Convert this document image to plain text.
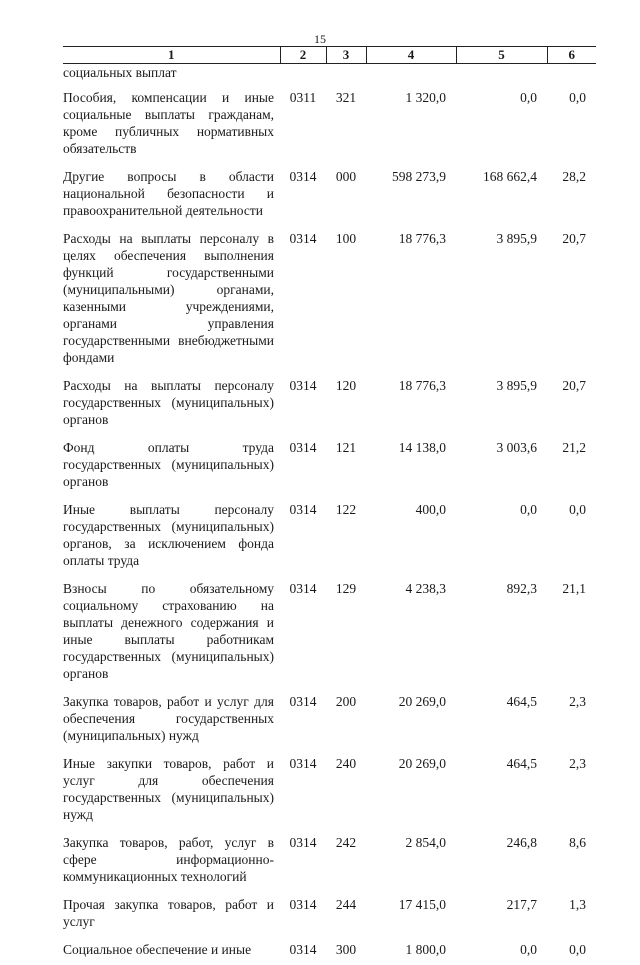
15
1	2	3	4	5	6
социальных выплат					
Пособия, компенсации и иные социальные выплаты гражданам, кроме публичных нормативных обязательств	0311	321	1 320,0	0,0	0,0
Другие вопросы в области национальной безопасности и правоохранительной деятельности	0314	000	598 273,9	168 662,4	28,2
Расходы на выплаты персоналу в целях обеспечения выполнения функций государственными (муниципальными) органами, казенными учреждениями, органами управления государственными внебюджетными фондами	0314	100	18 776,3	3 895,9	20,7
Расходы на выплаты персоналу государственных (муниципальных) органов	0314	120	18 776,3	3 895,9	20,7
Фонд оплаты труда государственных (муниципальных) органов	0314	121	14 138,0	3 003,6	21,2
Иные выплаты персоналу государственных (муниципальных) органов, за исключением фонда оплаты труда	0314	122	400,0	0,0	0,0
Взносы по обязательному социальному страхованию на выплаты денежного содержания и иные выплаты работникам государственных (муниципальных) органов	0314	129	4 238,3	892,3	21,1
Закупка товаров, работ и услуг для обеспечения государственных (муниципальных) нужд	0314	200	20 269,0	464,5	2,3
Иные закупки товаров, работ и услуг для обеспечения государственных (муниципальных) нужд	0314	240	20 269,0	464,5	2,3
Закупка товаров, работ, услуг в сфере информационно-коммуникационных технологий	0314	242	2 854,0	246,8	8,6
Прочая закупка товаров, работ и услуг	0314	244	17 415,0	217,7	1,3
Социальное обеспечение и иные	0314	300	1 800,0	0,0	0,0
